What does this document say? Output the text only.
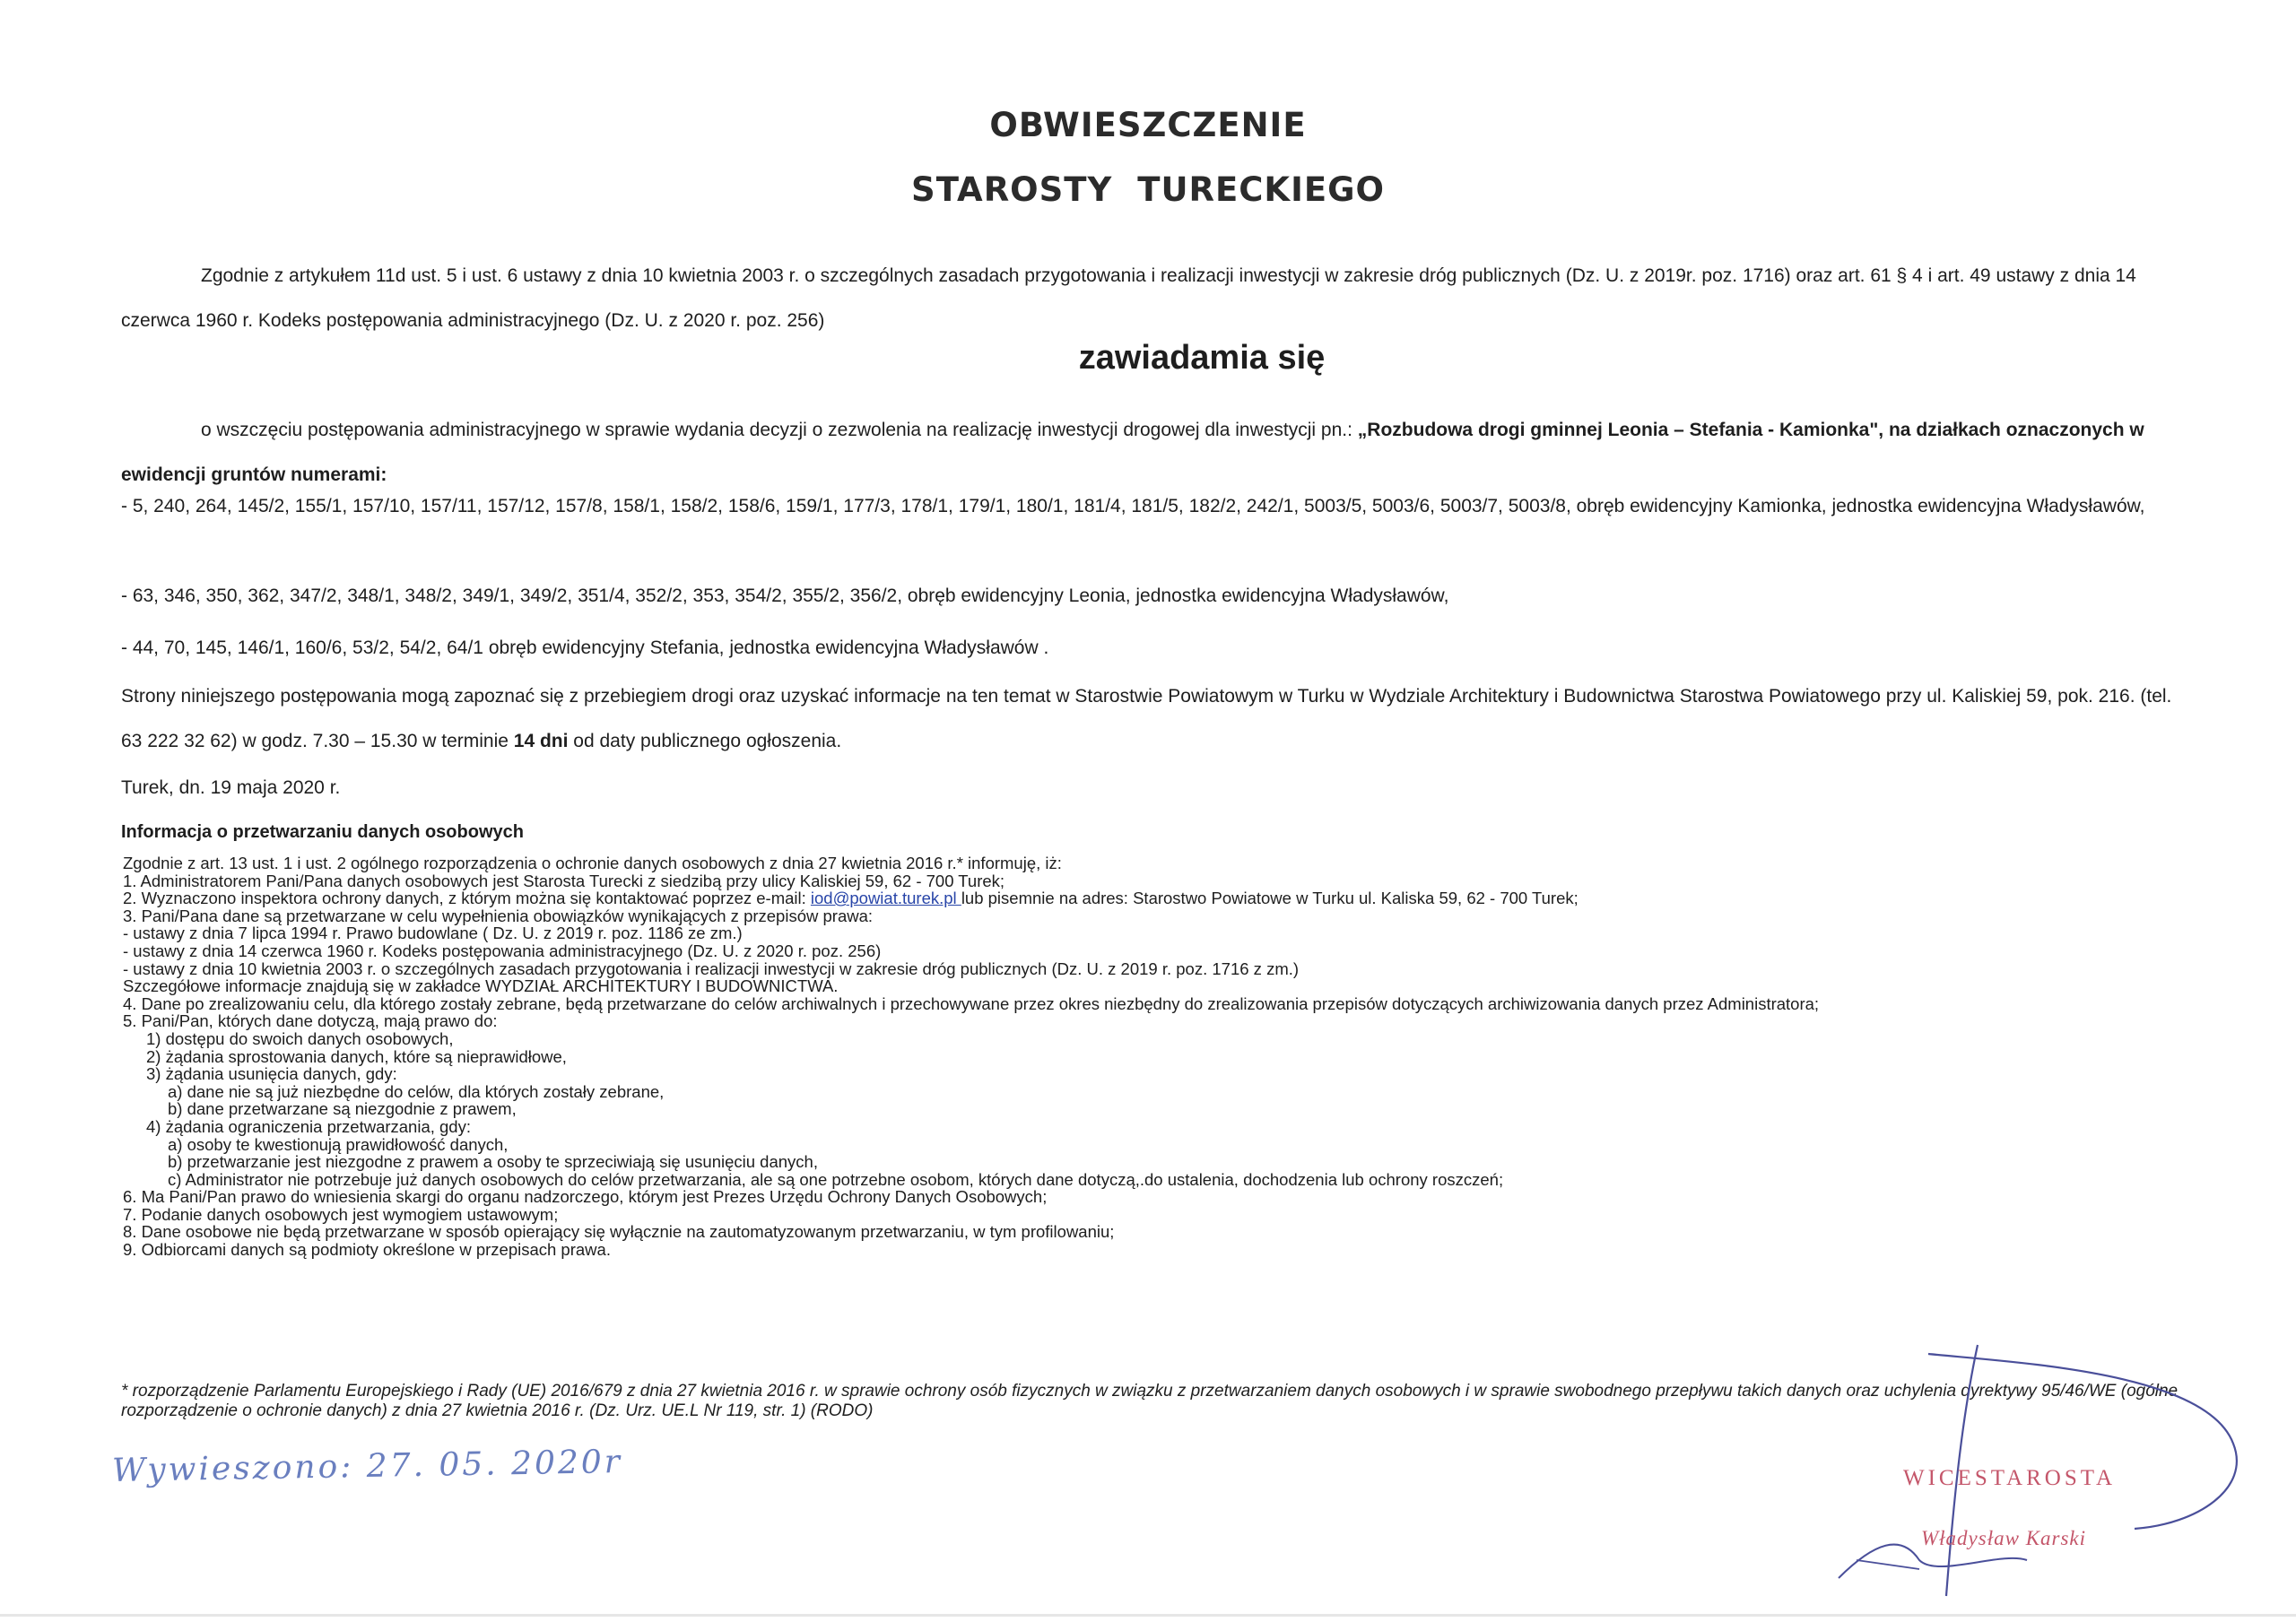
OBWIESZCZENIE
STAROSTY TURECKIEGO
Zgodnie z artykułem 11d ust. 5 i ust. 6 ustawy z dnia 10 kwietnia 2003 r. o szczególnych zasadach przygotowania i realizacji inwestycji w zakresie dróg publicznych (Dz. U. z 2019r. poz. 1716) oraz art. 61 § 4 i art. 49 ustawy z dnia 14 czerwca 1960 r. Kodeks postępowania administracyjnego (Dz. U. z 2020 r. poz. 256)
zawiadamia się
o wszczęciu postępowania administracyjnego w sprawie wydania decyzji o zezwolenia na realizację inwestycji drogowej dla inwestycji pn.: „Rozbudowa drogi gminnej Leonia – Stefania - Kamionka", na działkach oznaczonych w ewidencji gruntów numerami:
- 5, 240, 264, 145/2, 155/1, 157/10, 157/11, 157/12, 157/8, 158/1, 158/2, 158/6, 159/1, 177/3, 178/1, 179/1, 180/1, 181/4, 181/5, 182/2, 242/1, 5003/5, 5003/6, 5003/7, 5003/8, obręb ewidencyjny Kamionka, jednostka ewidencyjna Władysławów,
- 63, 346, 350, 362, 347/2, 348/1, 348/2, 349/1, 349/2, 351/4, 352/2, 353, 354/2, 355/2, 356/2, obręb ewidencyjny Leonia, jednostka ewidencyjna Władysławów,
- 44, 70, 145, 146/1, 160/6, 53/2, 54/2, 64/1 obręb ewidencyjny Stefania, jednostka ewidencyjna Władysławów .
Strony niniejszego postępowania mogą zapoznać się z przebiegiem drogi oraz uzyskać informacje na ten temat w Starostwie Powiatowym w Turku w Wydziale Architektury i Budownictwa Starostwa Powiatowego przy ul. Kaliskiej 59, pok. 216. (tel. 63 222 32 62) w godz. 7.30 – 15.30 w terminie 14 dni od daty publicznego ogłoszenia.
Turek, dn. 19 maja 2020 r.
Informacja o przetwarzaniu danych osobowych
Zgodnie z art. 13 ust. 1 i ust. 2 ogólnego rozporządzenia o ochronie danych osobowych z dnia 27 kwietnia 2016 r.* informuję, iż:
1. Administratorem Pani/Pana danych osobowych jest Starosta Turecki z siedzibą przy ulicy Kaliskiej 59, 62 - 700 Turek;
2. Wyznaczono inspektora ochrony danych, z którym można się kontaktować poprzez e-mail: iod@powiat.turek.pl lub pisemnie na adres: Starostwo Powiatowe w Turku ul. Kaliska 59, 62 - 700 Turek;
3. Pani/Pana dane są przetwarzane w celu wypełnienia obowiązków wynikających z przepisów prawa:
- ustawy z dnia 7 lipca 1994 r. Prawo budowlane ( Dz. U. z 2019 r. poz. 1186 ze zm.)
- ustawy z dnia 14 czerwca 1960 r. Kodeks postępowania administracyjnego (Dz. U. z 2020 r. poz. 256)
- ustawy z dnia 10 kwietnia 2003 r. o szczególnych zasadach przygotowania i realizacji inwestycji w zakresie dróg publicznych (Dz. U. z 2019 r. poz. 1716 z zm.)
Szczegółowe informacje znajdują się w zakładce WYDZIAŁ ARCHITEKTURY I BUDOWNICTWA.
4. Dane po zrealizowaniu celu, dla którego zostały zebrane, będą przetwarzane do celów archiwalnych i przechowywane przez okres niezbędny do zrealizowania przepisów dotyczących archiwizowania danych przez Administratora;
5. Pani/Pan, których dane dotyczą, mają prawo do:
1) dostępu do swoich danych osobowych,
2) żądania sprostowania danych, które są nieprawidłowe,
3) żądania usunięcia danych, gdy:
a) dane nie są już niezbędne do celów, dla których zostały zebrane,
b) dane przetwarzane są niezgodnie z prawem,
4) żądania ograniczenia przetwarzania, gdy:
a) osoby te kwestionują prawidłowość danych,
b) przetwarzanie jest niezgodne z prawem a osoby te sprzeciwiają się usunięciu danych,
c) Administrator nie potrzebuje już danych osobowych do celów przetwarzania, ale są one potrzebne osobom, których dane dotyczą,.do ustalenia, dochodzenia lub ochrony roszczeń;
6. Ma Pani/Pan prawo do wniesienia skargi do organu nadzorczego, którym jest Prezes Urzędu Ochrony Danych Osobowych;
7. Podanie danych osobowych jest wymogiem ustawowym;
8. Dane osobowe nie będą przetwarzane w sposób opierający się wyłącznie na zautomatyzowanym przetwarzaniu, w tym profilowaniu;
9. Odbiorcami danych są podmioty określone w przepisach prawa.
* rozporządzenie Parlamentu Europejskiego i Rady (UE) 2016/679 z dnia 27 kwietnia 2016 r. w sprawie ochrony osób fizycznych w związku z przetwarzaniem danych osobowych i w sprawie swobodnego przepływu takich danych oraz uchylenia dyrektywy 95/46/WE (ogólne rozporządzenie o ochronie danych) z dnia 27 kwietnia 2016 r. (Dz. Urz. UE.L Nr 119, str. 1) (RODO)
Wywieszono: 27. 05. 2020r	WICESTAROSTA
Władysław Karski
